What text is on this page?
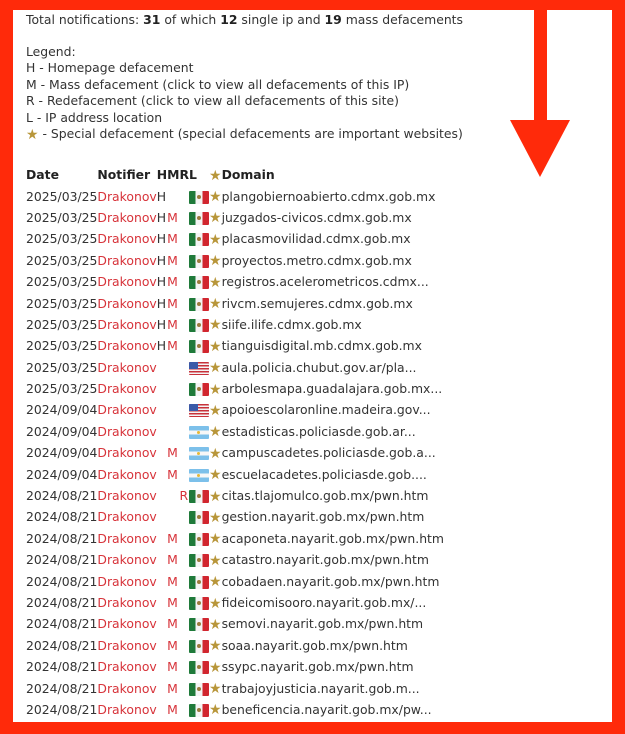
Total notifications: 31 of which 12 single ip and 19 mass defacements
Legend:
H - Homepage defacement
M - Mass defacement (click to view all defacements of this IP)
R - Redefacement (click to view all defacements of this site)
L - IP address location
★ - Special defacement (special defacements are important websites)
Date	Notifier	H	M	R	L	★	Domain
2025/03/25	Drakonov	H				★	plangobiernoabierto.cdmx.gob.mx
2025/03/25	Drakonov	H	M			★	juzgados-civicos.cdmx.gob.mx
2025/03/25	Drakonov	H	M			★	placasmovilidad.cdmx.gob.mx
2025/03/25	Drakonov	H	M			★	proyectos.metro.cdmx.gob.mx
2025/03/25	Drakonov	H	M			★	registros.acelerometricos.cdmx...
2025/03/25	Drakonov	H	M			★	rivcm.semujeres.cdmx.gob.mx
2025/03/25	Drakonov	H	M			★	siife.ilife.cdmx.gob.mx
2025/03/25	Drakonov	H	M			★	tianguisdigital.mb.cdmx.gob.mx
2025/03/25	Drakonov					★	aula.policia.chubut.gov.ar/pla...
2025/03/25	Drakonov					★	arbolesmapa.guadalajara.gob.mx...
2024/09/04	Drakonov					★	apoioescolaronline.madeira.gov...
2024/09/04	Drakonov					★	estadisticas.policiasde.gob.ar...
2024/09/04	Drakonov		M			★	campuscadetes.policiasde.gob.a...
2024/09/04	Drakonov		M			★	escuelacadetes.policiasde.gob....
2024/08/21	Drakonov			R		★	citas.tlajomulco.gob.mx/pwn.htm
2024/08/21	Drakonov					★	gestion.nayarit.gob.mx/pwn.htm
2024/08/21	Drakonov		M			★	acaponeta.nayarit.gob.mx/pwn.htm
2024/08/21	Drakonov		M			★	catastro.nayarit.gob.mx/pwn.htm
2024/08/21	Drakonov		M			★	cobadaen.nayarit.gob.mx/pwn.htm
2024/08/21	Drakonov		M			★	fideicomisooro.nayarit.gob.mx/...
2024/08/21	Drakonov		M			★	semovi.nayarit.gob.mx/pwn.htm
2024/08/21	Drakonov		M			★	soaa.nayarit.gob.mx/pwn.htm
2024/08/21	Drakonov		M			★	ssypc.nayarit.gob.mx/pwn.htm
2024/08/21	Drakonov		M			★	trabajoyjusticia.nayarit.gob.m...
2024/08/21	Drakonov		M			★	beneficencia.nayarit.gob.mx/pw...
